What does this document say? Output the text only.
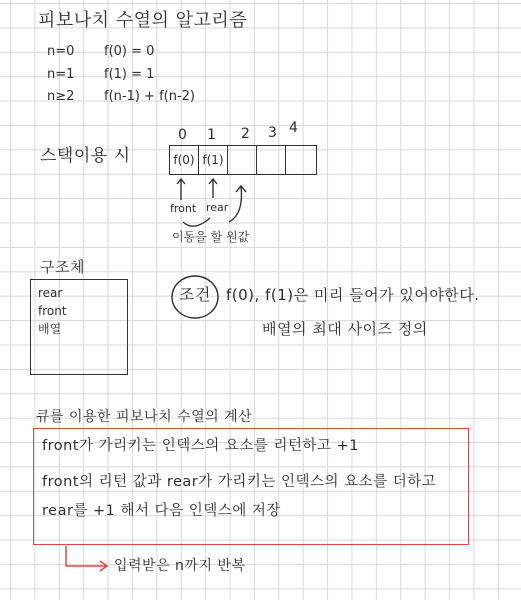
피보나치 수열의 알고리즘
n=0 f(0) = 0
n=1 f(1) = 1
n≥2 f(n-1) + f(n-2)
스택이용 시
0 1 2 3 4
f(0) f(1)
front rear
이동을 할 원값
구조체
rear
front
배열
조건 f(0), f(1)은 미리 들어가 있어야한다.
배열의 최대 사이즈 정의
큐를 이용한 피보나치 수열의 계산
front가 가리키는 인덱스의 요소를 리턴하고 +1
front의 리턴 값과 rear가 가리키는 인덱스의 요소를 더하고
rear를 +1 해서 다음 인덱스에 저장
입력받은 n까지 반복
